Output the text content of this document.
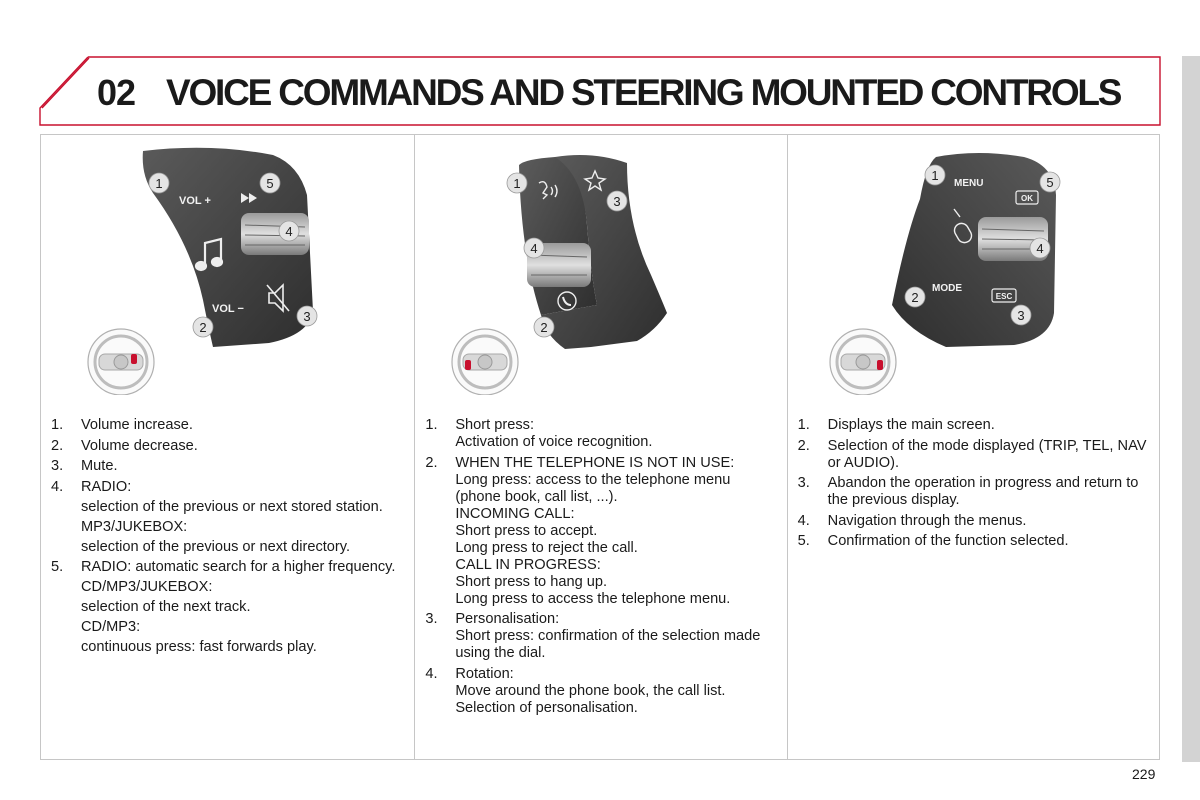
02 VOICE COMMANDS AND STEERING MOUNTED CONTROLS
VOL +
VOL −
1	5
4
3
2
1.	Volume increase.
2.	Volume decrease.
3.	Mute.
4.	RADIO:
selection of the previous or next stored station.
MP3/JUKEBOX:
selection of the previous or next directory.
5.	RADIO: automatic search for a higher frequency.
CD/MP3/JUKEBOX:
selection of the next track.
CD/MP3:
continuous press: fast forwards play.
1
3
4
2
1.	Short press:
Activation of voice recognition.
2.	WHEN THE TELEPHONE IS NOT IN USE:
Long press: access to the telephone menu (phone book, call list, ...).
INCOMING CALL:
Short press to accept.
Long press to reject the call.
CALL IN PROGRESS:
Short press to hang up.
Long press to access the telephone menu.
3.	Personalisation:
Short press: confirmation of the selection made using the dial.
4.	Rotation:
Move around the phone book, the call list.
Selection of personalisation.
MENU
MODE
OK
ESC
1	5
4
2
3
1.	Displays the main screen.
2.	Selection of the mode displayed (TRIP, TEL, NAV or AUDIO).
3.	Abandon the operation in progress and return to the previous display.
4.	Navigation through the menus.
5.	Confirmation of the function selected.
229
